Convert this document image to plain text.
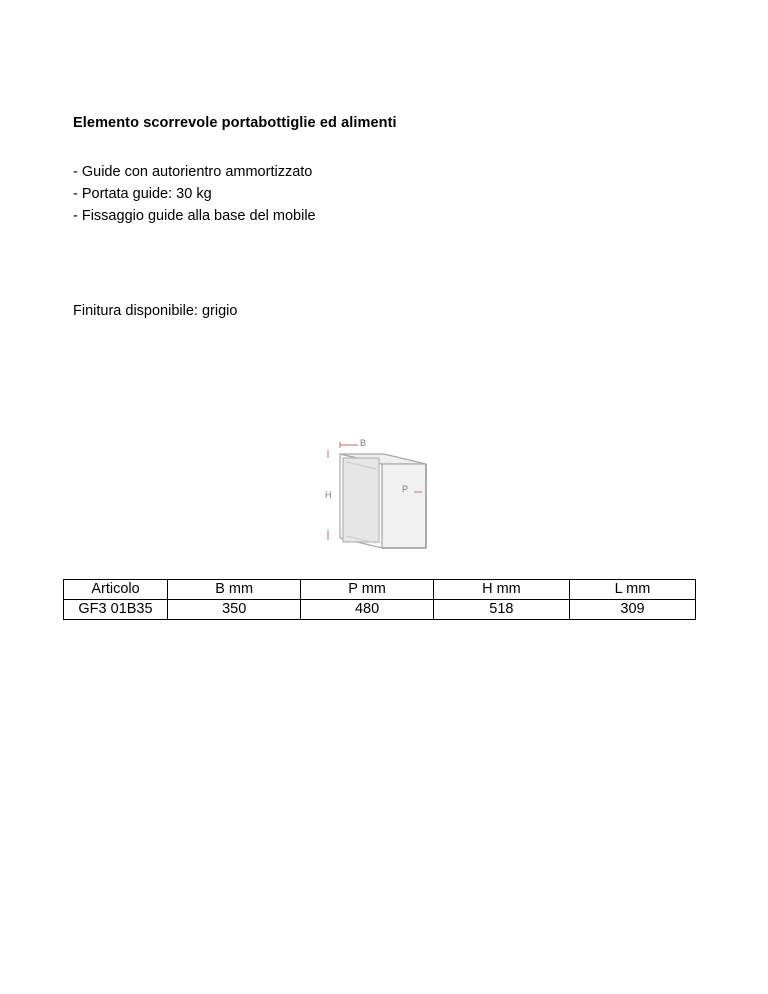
Elemento scorrevole portabottiglie ed alimenti
- Guide con autorientro ammortizzato
- Portata guide: 30 kg
- Fissaggio guide alla base del mobile
Finitura disponibile: grigio
B
H
P
Articolo	B mm	P mm	H mm	L mm
GF3 01B35	350	480	518	309
